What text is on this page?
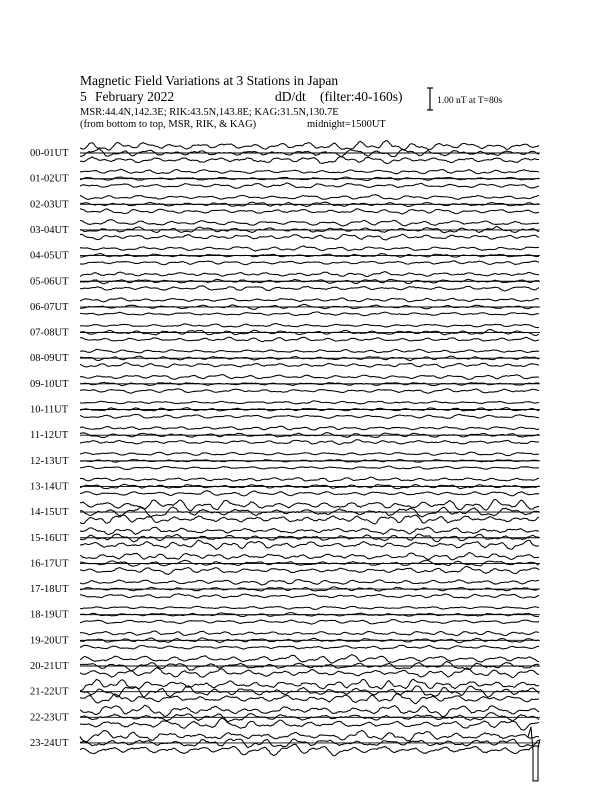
Magnetic Field Variations at 3 Stations in Japan
5 February 2022	dD/dt (filter:40-160s)
MSR:44.4N,142.3E; RIK:43.5N,143.8E; KAG:31.5N,130.7E
(from bottom to top, MSR, RIK, & KAG)	midnight=1500UT
1.00 nT at T=80s
00-01UT
01-02UT
02-03UT
03-04UT
04-05UT
05-06UT
06-07UT
07-08UT
08-09UT
09-10UT
10-11UT
11-12UT
12-13UT
13-14UT
14-15UT
15-16UT
16-17UT
17-18UT
18-19UT
19-20UT
20-21UT
21-22UT
22-23UT
23-24UT
